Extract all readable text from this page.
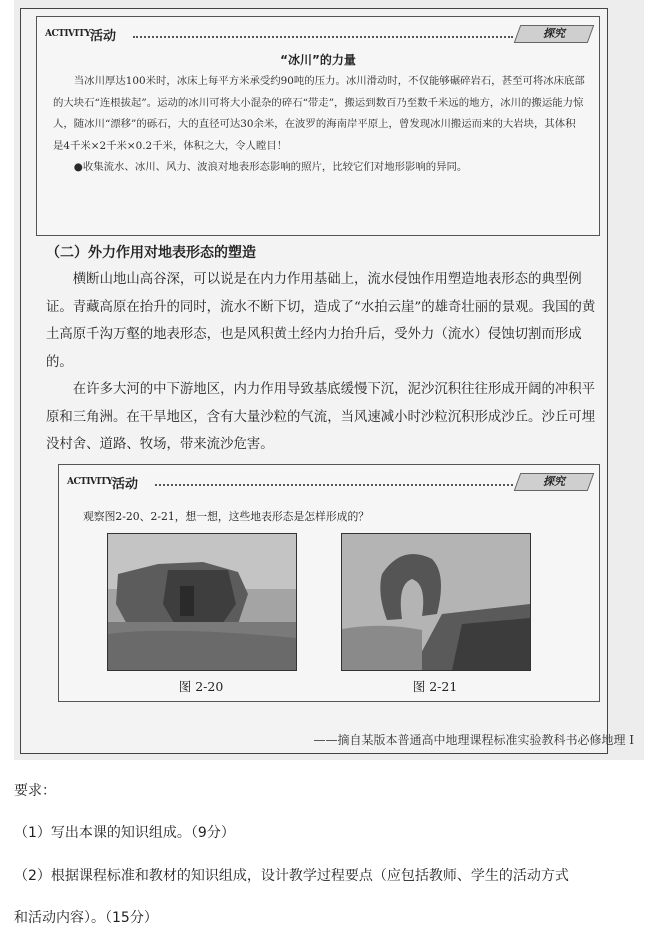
ACTIVITY 活动	探究
“冰川”的力量

当冰川厚达100米时，冰床上每平方米承受约90吨的压力。冰川滑动时，不仅能够碾碎岩石，甚至可将冰床底部的大块石“连根拔起”。运动的冰川可将大小混杂的碎石“带走”，搬运到数百乃至数千米远的地方，冰川的搬运能力惊人，随冰川“漂移”的砾石，大的直径可达30余米，在波罗的海南岸平原上，曾发现冰川搬运而来的大岩块，其体积是4千米×2千米×0.2千米，体积之大，令人瞠目！

●收集流水、冰川、风力、波浪对地表形态影响的照片，比较它们对地形影响的异同。

（二）外力作用对地表形态的塑造

横断山地山高谷深，可以说是在内力作用基础上，流水侵蚀作用塑造地表形态的典型例证。青藏高原在抬升的同时，流水不断下切，造成了“水拍云崖”的雄奇壮丽的景观。我国的黄土高原千沟万壑的地表形态，也是风积黄土经内力抬升后，受外力（流水）侵蚀切割而形成的。

在许多大河的中下游地区，内力作用导致基底缓慢下沉，泥沙沉积往往形成开阔的冲积平原和三角洲。在干旱地区，含有大量沙粒的气流，当风速减小时沙粒沉积形成沙丘。沙丘可埋没村舍、道路、牧场，带来流沙危害。

ACTIVITY 活动	探究
观察图2-20、2-21，想一想，这些地表形态是怎样形成的？
图 2-20	图 2-21
——摘自某版本普通高中地理课程标准实验教科书必修地理 I
要求：
（1）写出本课的知识组成。（9分）
（2）根据课程标准和教材的知识组成，设计教学过程要点（应包括教师、学生的活动方式
和活动内容）。（15分）
